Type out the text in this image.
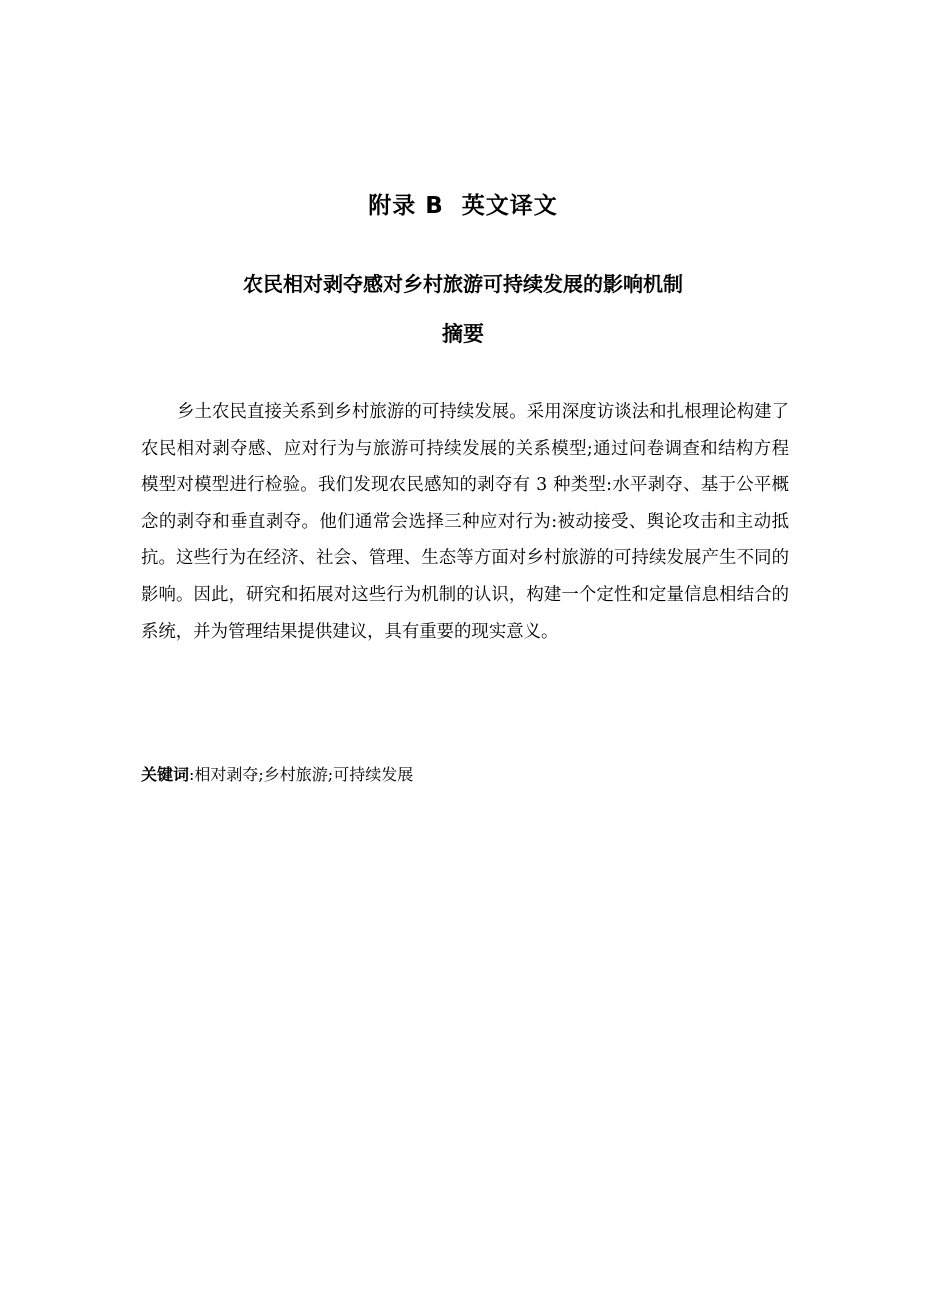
附录 B  英文译文
农民相对剥夺感对乡村旅游可持续发展的影响机制
摘要

乡土农民直接关系到乡村旅游的可持续发展。采用深度访谈法和扎根理论构建了农民相对剥夺感、应对行为与旅游可持续发展的关系模型;通过问卷调查和结构方程模型对模型进行检验。我们发现农民感知的剥夺有 3 种类型:水平剥夺、基于公平概念的剥夺和垂直剥夺。他们通常会选择三种应对行为:被动接受、舆论攻击和主动抵抗。这些行为在经济、社会、管理、生态等方面对乡村旅游的可持续发展产生不同的影响。因此，研究和拓展对这些行为机制的认识，构建一个定性和定量信息相结合的系统，并为管理结果提供建议，具有重要的现实意义。

关键词:相对剥夺;乡村旅游;可持续发展
